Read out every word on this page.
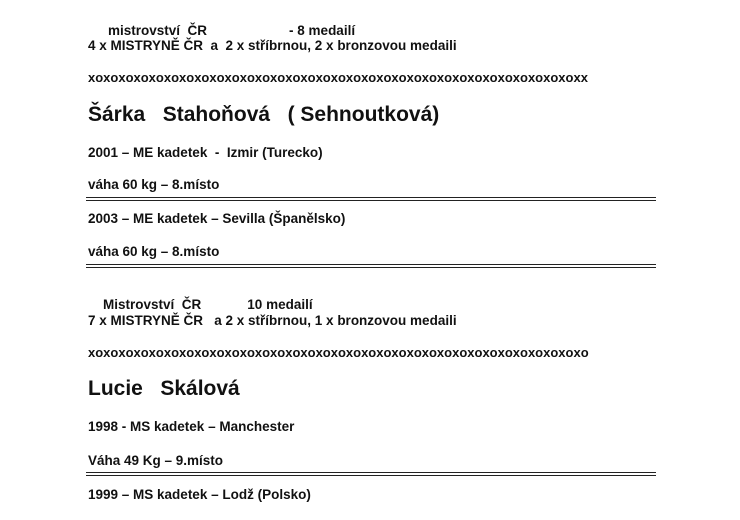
mistrovství  ČR	- 8 medailí

4 x MISTRYNĚ ČR  a  2 x stříbrnou, 2 x bronzovou medaili
xoxoxoxoxoxoxoxoxoxoxoxoxoxoxoxoxoxoxoxoxoxoxoxoxoxoxoxoxoxoxoxoxx
Šárka   Stahoňová   ( Sehnoutková)
2001 – ME kadetek  -  Izmir (Turecko)
váha 60 kg – 8.místo
2003 – ME kadetek – Sevilla (Španělsko)
váha 60 kg – 8.místo

Mistrovství  ČR	10 medailí

7 x MISTRYNĚ ČR   a 2 x stříbrnou, 1 x bronzovou medaili
xoxoxoxoxoxoxoxoxoxoxoxoxoxoxoxoxoxoxoxoxoxoxoxoxoxoxoxoxoxoxoxoxo
Lucie   Skálová
1998 - MS kadetek – Manchester
Váha 49 Kg – 9.místo
1999 – MS kadetek – Lodž (Polsko)
